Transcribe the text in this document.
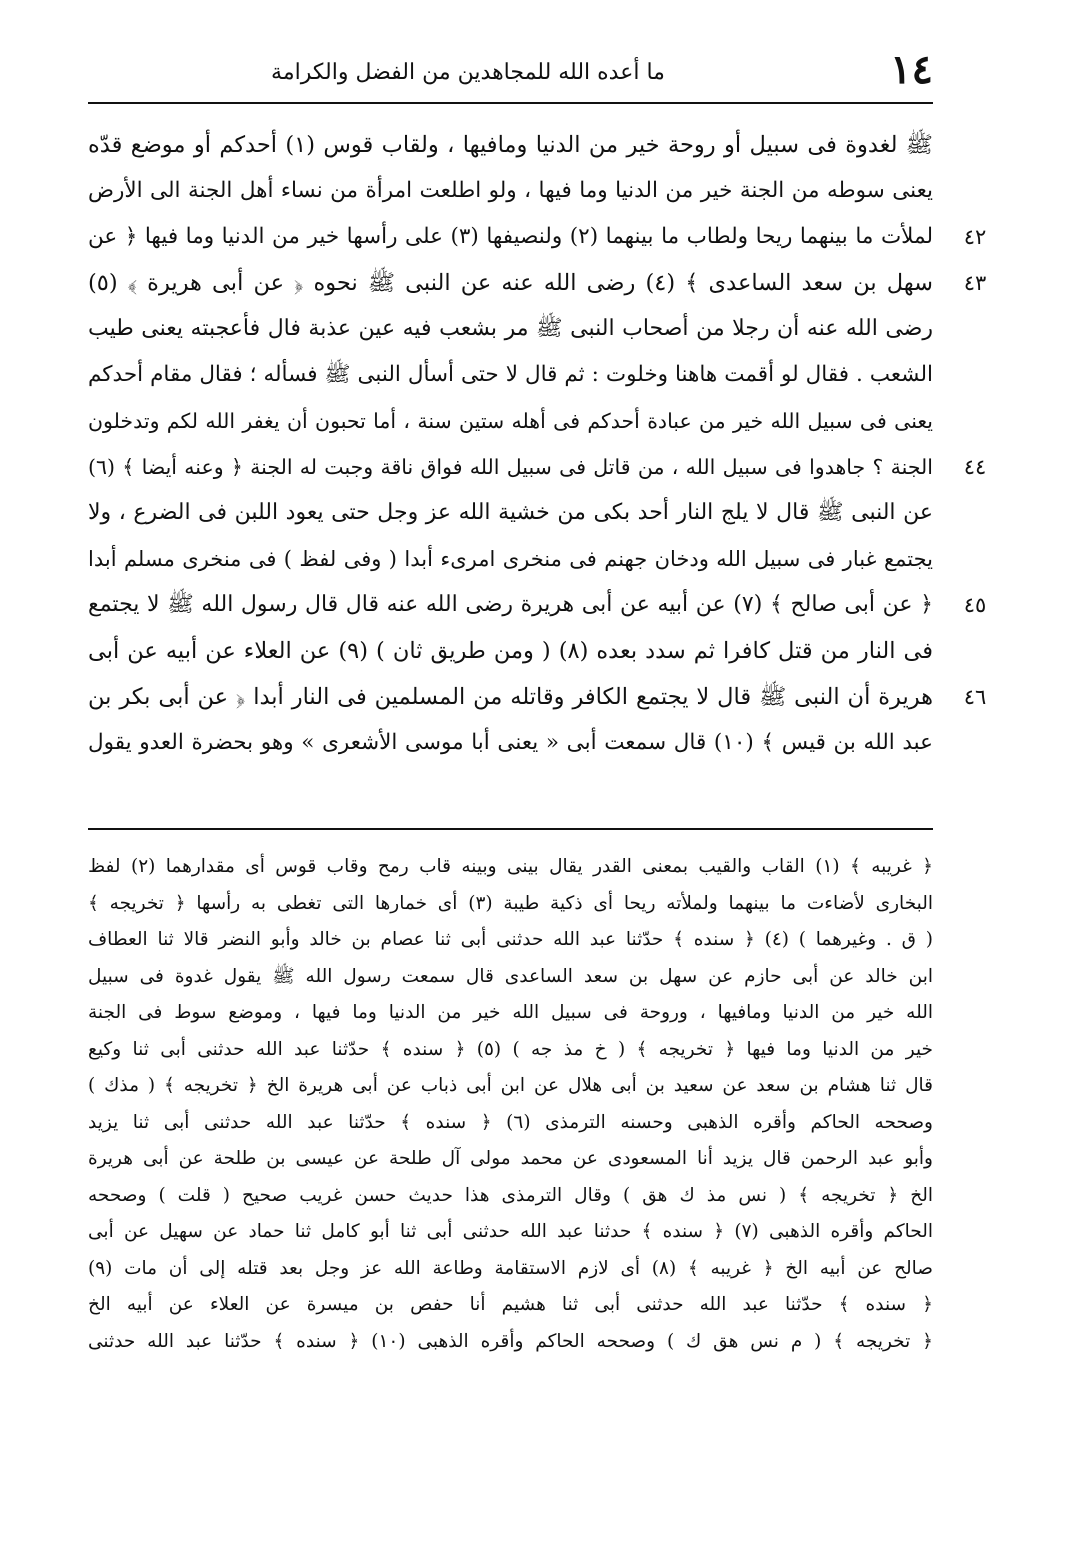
ما أعده الله للمجاهدين من الفضل والكرامة	١٤
ﷺ لغدوة فى سبيل أو روحة خير من الدنيا ومافيها ، ولقاب قوس (١) أحدكم أو موضع قدّه
يعنى سوطه من الجنة خير من الدنيا وما فيها ، ولو اطلعت امرأة من نساء أهل الجنة الى الأرض
لملأت ما بينهما ريحا ولطاب ما بينهما (٢) ولنصيفها (٣) على رأسها خير من الدنيا وما فيها ﴿ عن
سهل بن سعد الساعدى ﴾ (٤) رضى الله عنه عن النبى ﷺ نحوه ﴿ عن أبى هريرة ﴾ (٥)
رضى الله عنه أن رجلا من أصحاب النبى ﷺ مر بشعب فيه عين عذبة فال فأعجبته يعنى طيب
الشعب . فقال لو أقمت هاهنا وخلوت : ثم قال لا حتى أسأل النبى ﷺ فسأله ؛ فقال مقام أحدكم
يعنى فى سبيل الله خير من عبادة أحدكم فى أهله ستين سنة ، أما تحبون أن يغفر الله لكم وتدخلون
الجنة ؟ جاهدوا فى سبيل الله ، من قاتل فى سبيل الله فواق ناقة وجبت له الجنة ﴿ وعنه أيضا ﴾ (٦)
عن النبى ﷺ قال لا يلج النار أحد بكى من خشية الله عز وجل حتى يعود اللبن فى الضرع ، ولا
يجتمع غبار فى سبيل الله ودخان جهنم فى منخرى امرىء أبدا ( وفى لفظ ) فى منخرى مسلم أبدا
﴿ عن أبى صالح ﴾ (٧) عن أبيه عن أبى هريرة رضى الله عنه قال قال رسول الله ﷺ لا يجتمع
فى النار من قتل كافرا ثم سدد بعده (٨) ( ومن طريق ثان ) (٩) عن العلاء عن أبيه عن أبى
هريرة أن النبى ﷺ قال لا يجتمع الكافر وقاتله من المسلمين فى النار أبدا ﴿ عن أبى بكر بن
عبد الله بن قيس ﴾ (١٠) قال سمعت أبى « يعنى أبا موسى الأشعرى » وهو بحضرة العدو يقول
﴿ غريبه ﴾ (١) القاب والقيب بمعنى القدر يقال بينى وبينه قاب رمح وقاب قوس أى مقدارهما (٢) لفظ
البخارى لأضاءت ما بينهما ولملأته ريحا أى ذكية طيبة (٣) أى خمارها التى تغطى به رأسها ﴿ تخريجه ﴾
( ق . وغيرهما ) (٤) ﴿ سنده ﴾ حدّثنا عبد الله حدثنى أبى ثنا عصام بن خالد وأبو النضر قالا ثنا العطاف
ابن خالد عن أبى حازم عن سهل بن سعد الساعدى قال سمعت رسول الله ﷺ يقول غدوة فى سبيل
الله خير من الدنيا ومافيها ، وروحة فى سبيل الله خير من الدنيا وما فيها ، وموضع سوط فى الجنة
خير من الدنيا وما فيها ﴿ تخريجه ﴾ ( خ مذ جه ) (٥) ﴿ سنده ﴾ حدّثنا عبد الله حدثنى أبى ثنا وكيع
قال ثنا هشام بن سعد عن سعيد بن أبى هلال عن ابن أبى ذباب عن أبى هريرة الخ ﴿ تخريجه ﴾ ( مذك )
وصححه الحاكم وأقره الذهبى وحسنه الترمذى (٦) ﴿ سنده ﴾ حدّثنا عبد الله حدثنى أبى ثنا يزيد
وأبو عبد الرحمن قال يزيد أنا المسعودى عن محمد مولى آل طلحة عن عيسى بن طلحة عن أبى هريرة
الخ ﴿ تخريجه ﴾ ( نس مذ ك هق ) وقال الترمذى هذا حديث حسن غريب صحيح ( قلت ) وصححه
الحاكم وأقره الذهبى (٧) ﴿ سنده ﴾ حدثنا عبد الله حدثنى أبى ثنا أبو كامل ثنا حماد عن سهيل عن أبى
صالح عن أبيه الخ ﴿ غريبه ﴾ (٨) أى لازم الاستقامة وطاعة الله عز وجل بعد قتله إلى أن مات (٩)
﴿ سنده ﴾ حدّثنا عبد الله حدثنى أبى ثنا هشيم أنا حفص بن ميسرة عن العلاء عن أبيه الخ
﴿ تخريجه ﴾ ( م نس هق ك ) وصححه الحاكم وأقره الذهبى (١٠) ﴿ سنده ﴾ حدّثنا عبد الله حدثنى
٤٢
٤٣
٤٤
٤٥
٤٦
